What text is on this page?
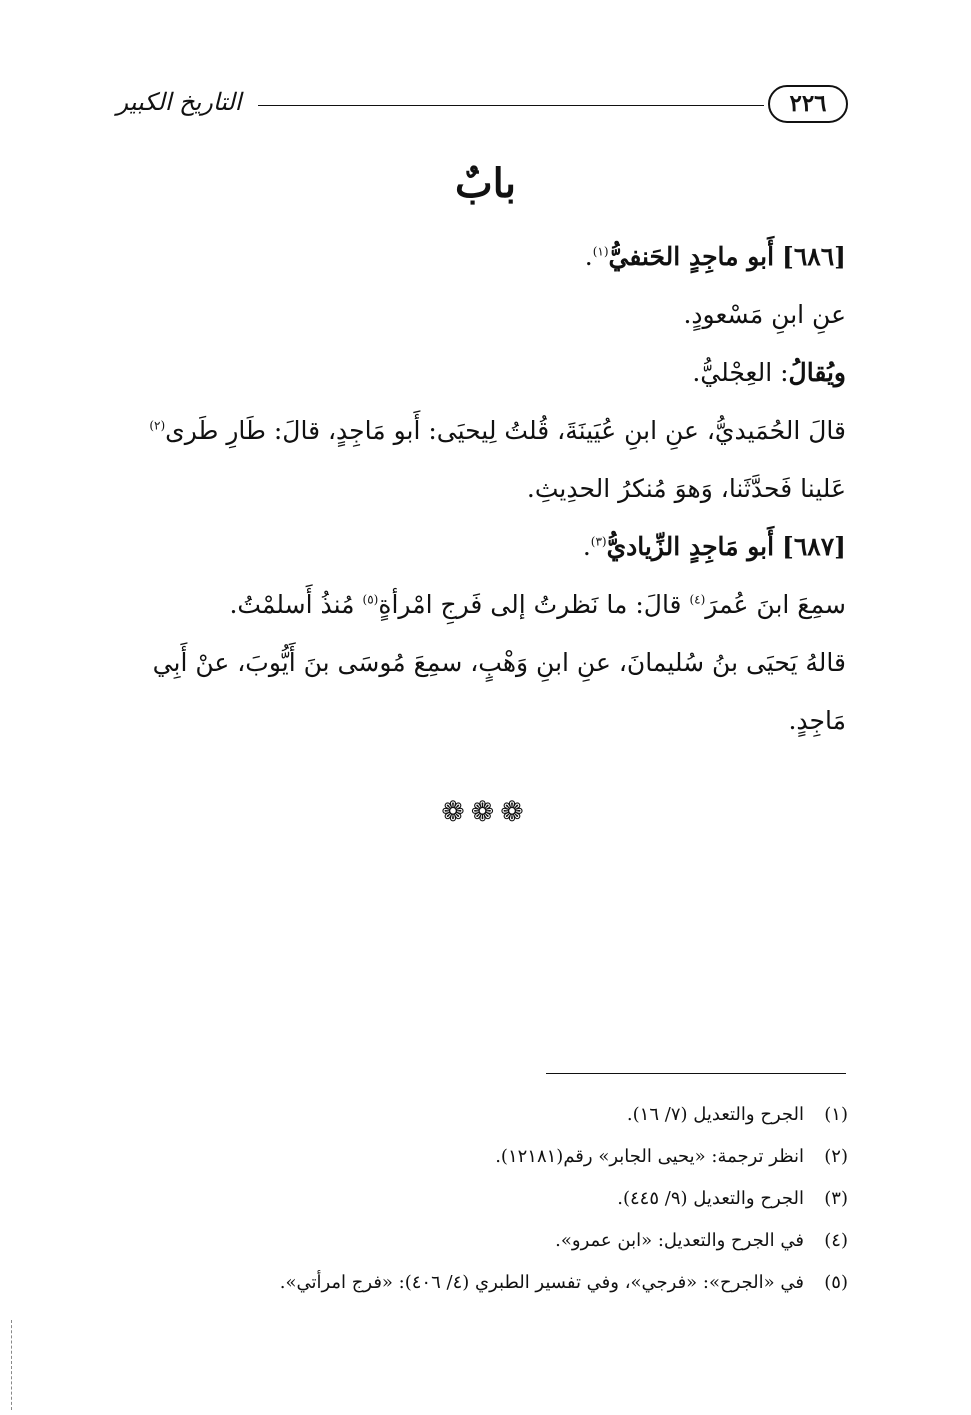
التاريخ الكبير	٢٢٦
بابٌ

[٦٨٦] أَبو ماجِدٍ الحَنفيُّ$^{(١)}$.

عنِ ابنِ مَسْعودٍ.

ويُقالُ: العِجْليُّ.

قالَ الحُمَيديُّ، عنِ ابنِ عُيَينَةَ، قُلتُ لِيحيَى: أَبو مَاجِدٍ، قالَ: طَارِ طَرى$^{(٢)}$

عَلينا فَحدَّثَنا، وَهوَ مُنكرُ الحدِيثِ.

[٦٨٧] أَبو مَاجِدٍ الزِّياديُّ$^{(٣)}$.

سمِعَ ابنَ عُمرَ$^{(٤)}$ قالَ: ما نَظرتُ إلى فَرجِ امْرأةٍ$^{(٥)}$ مُنذُ أَسلمْتُ.

قالهُ يَحيَى بنُ سُليمانَ، عنِ ابنِ وَهْبٍ، سمِعَ مُوسَى بنَ أَيُّوبَ، عنْ أَبِي

مَاجِدٍ.

❁❁❁
(١)الجرح والتعديل (٧/ ١٦).
(٢)انظر ترجمة: «يحيى الجابر» رقم(١٢١٨١).
(٣)الجرح والتعديل (٩/ ٤٤٥).
(٤)في الجرح والتعديل: «ابن عمرو».
(٥)في «الجرح»: «فرجي»، وفي تفسير الطبري (٤/ ٤٠٦): «فرج امرأتي».
